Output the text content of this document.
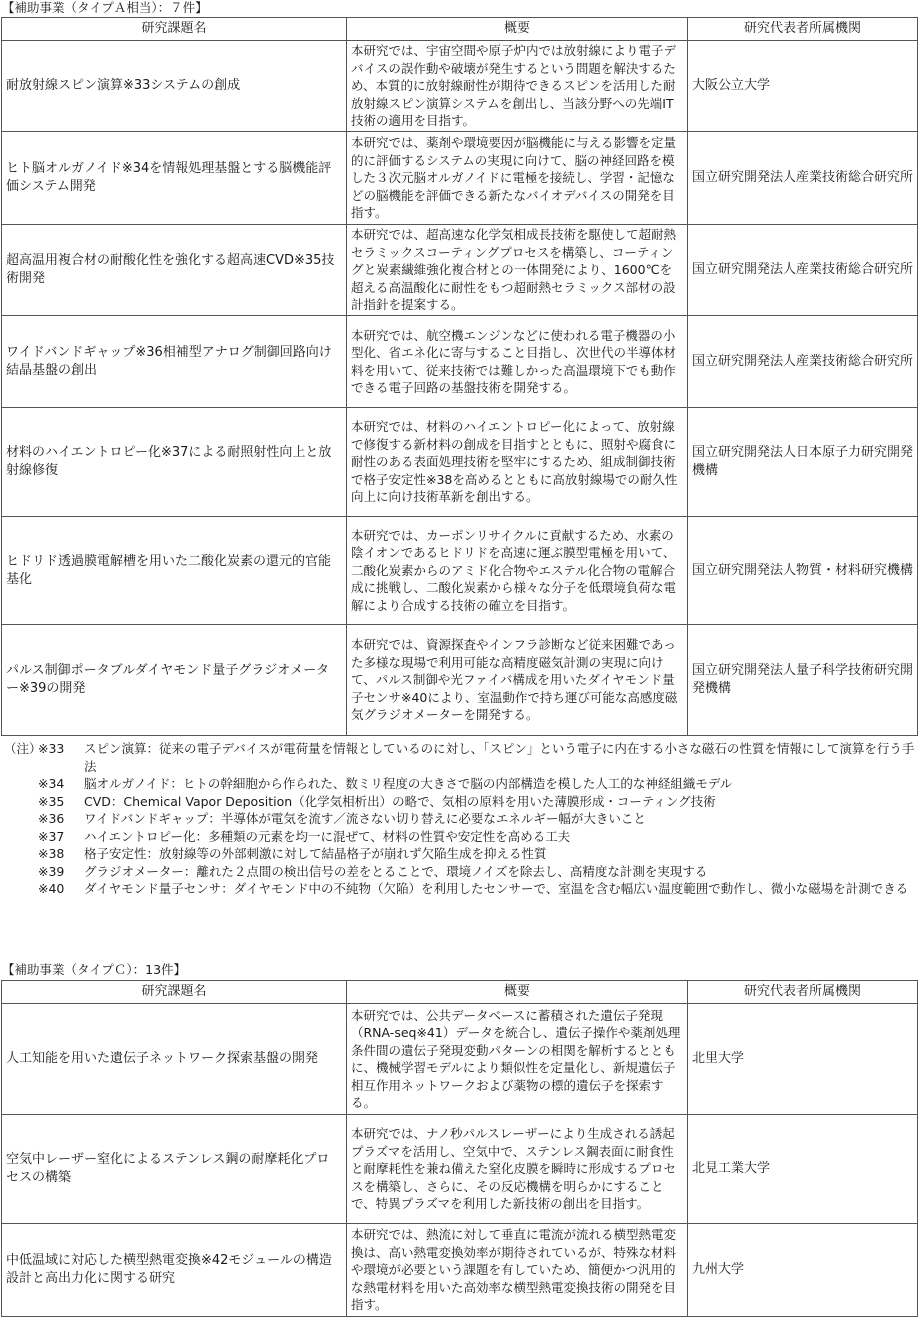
【補助事業（タイプＡ相当）：７件】
研究課題名	概要	研究代表者所属機関
耐放射線スピン演算※33システムの創成	本研究では、宇宙空間や原子炉内では放射線により電子デバイスの誤作動や破壊が発生するという問題を解決するため、本質的に放射線耐性が期待できるスピンを活用した耐放射線スピン演算システムを創出し、当該分野への先端IT技術の適用を目指す。	大阪公立大学
ヒト脳オルガノイド※34を情報処理基盤とする脳機能評価システム開発	本研究では、薬剤や環境要因が脳機能に与える影響を定量的に評価するシステムの実現に向けて、脳の神経回路を模した３次元脳オルガノイドに電極を接続し、学習・記憶などの脳機能を評価できる新たなバイオデバイスの開発を目指す。	国立研究開発法人産業技術総合研究所
超高温用複合材の耐酸化性を強化する超高速CVD※35技術開発	本研究では、超高速な化学気相成長技術を駆使して超耐熱セラミックスコーティングプロセスを構築し、コーティングと炭素繊維強化複合材との一体開発により、1600℃を超える高温酸化に耐性をもつ超耐熱セラミックス部材の設計指針を提案する。	国立研究開発法人産業技術総合研究所
ワイドバンドギャップ※36相補型アナログ制御回路向け結晶基盤の創出	本研究では、航空機エンジンなどに使われる電子機器の小型化、省エネ化に寄与すること目指し、次世代の半導体材料を用いて、従来技術では難しかった高温環境下でも動作できる電子回路の基盤技術を開発する。	国立研究開発法人産業技術総合研究所
材料のハイエントロピー化※37による耐照射性向上と放射線修復	本研究では、材料のハイエントロピー化によって、放射線で修復する新材料の創成を目指すとともに、照射や腐食に耐性のある表面処理技術を堅牢にするため、組成制御技術で格子安定性※38を高めるとともに高放射線場での耐久性向上に向け技術革新を創出する。	国立研究開発法人日本原子力研究開発機構
ヒドリド透過膜電解槽を用いた二酸化炭素の還元的官能基化	本研究では、カーボンリサイクルに貢献するため、水素の陰イオンであるヒドリドを高速に運ぶ膜型電極を用いて、二酸化炭素からのアミド化合物やエステル化合物の電解合成に挑戦し、二酸化炭素から様々な分子を低環境負荷な電解により合成する技術の確立を目指す。	国立研究開発法人物質・材料研究機構
パルス制御ポータブルダイヤモンド量子グラジオメーター※39の開発	本研究では、資源探査やインフラ診断など従来困難であった多様な現場で利用可能な高精度磁気計測の実現に向けて、パルス制御や光ファイバ構成を用いたダイヤモンド量子センサ※40により、室温動作で持ち運び可能な高感度磁気グラジオメーターを開発する。	国立研究開発法人量子科学技術研究開発機構
（注）
※33	スピン演算：従来の電子デバイスが電荷量を情報としているのに対し、「スピン」という電子に内在する小さな磁石の性質を情報にして演算を行う手法
※34	脳オルガノイド：ヒトの幹細胞から作られた、数ミリ程度の大きさで脳の内部構造を模した人工的な神経組織モデル
※35	CVD：Chemical Vapor Deposition（化学気相析出）の略で、気相の原料を用いた薄膜形成・コーティング技術
※36	ワイドバンドギャップ：半導体が電気を流す／流さない切り替えに必要なエネルギー幅が大きいこと
※37	ハイエントロピー化：多種類の元素を均一に混ぜて、材料の性質や安定性を高める工夫
※38	格子安定性：放射線等の外部刺激に対して結晶格子が崩れず欠陥生成を抑える性質
※39	グラジオメーター：離れた２点間の検出信号の差をとることで、環境ノイズを除去し、高精度な計測を実現する
※40	ダイヤモンド量子センサ：ダイヤモンド中の不純物（欠陥）を利用したセンサーで、室温を含む幅広い温度範囲で動作し、微小な磁場を計測できる
【補助事業（タイプＣ）：13件】
研究課題名	概要	研究代表者所属機関
人工知能を用いた遺伝子ネットワーク探索基盤の開発	本研究では、公共データベースに蓄積された遺伝子発現（RNA-seq※41）データを統合し、遺伝子操作や薬剤処理条件間の遺伝子発現変動パターンの相関を解析するとともに、機械学習モデルにより類似性を定量化し、新規遺伝子相互作用ネットワークおよび薬物の標的遺伝子を探索する。	北里大学
空気中レーザー窒化によるステンレス鋼の耐摩耗化プロセスの構築	本研究では、ナノ秒パルスレーザーにより生成される誘起プラズマを活用し、空気中で、ステンレス鋼表面に耐食性と耐摩耗性を兼ね備えた窒化皮膜を瞬時に形成するプロセスを構築し、さらに、その反応機構を明らかにすることで、特異プラズマを利用した新技術の創出を目指す。	北見工業大学
中低温域に対応した横型熱電変換※42モジュールの構造設計と高出力化に関する研究	本研究では、熱流に対して垂直に電流が流れる横型熱電変換は、高い熱電変換効率が期待されているが、特殊な材料や環境が必要という課題を有していため、簡便かつ汎用的な熱電材料を用いた高効率な横型熱電変換技術の開発を目指す。	九州大学
